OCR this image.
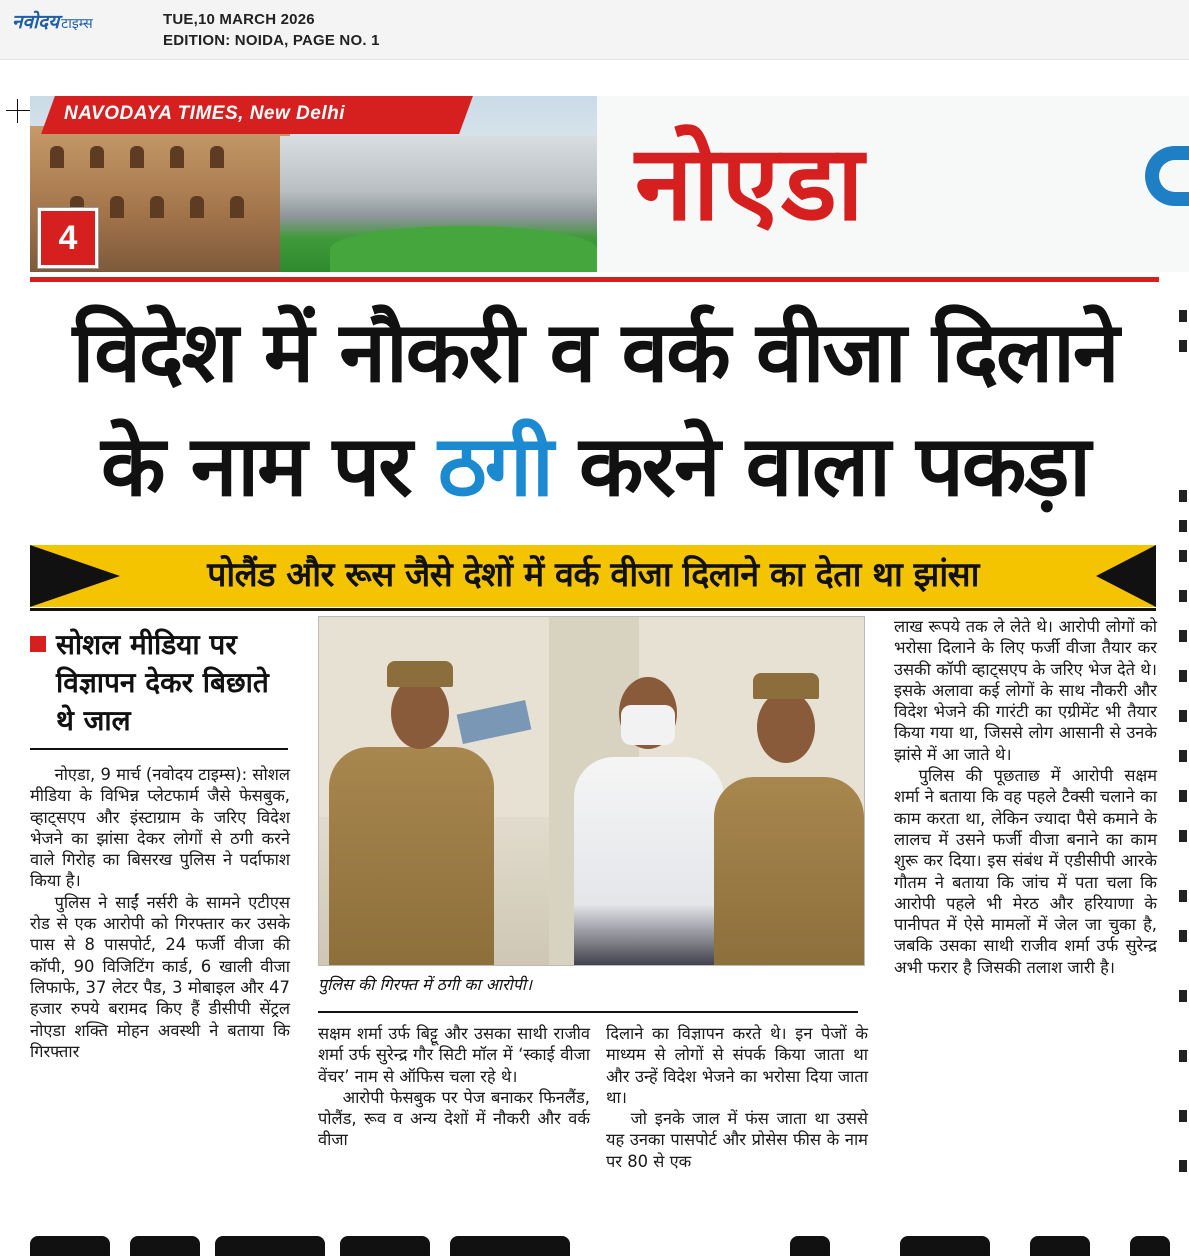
नवोदय टाइम्स	TUE,10 MARCH 2026
EDITION: NOIDA, PAGE NO. 1
NAVODAYA TIMES, New Delhi
4	नोएडा
विदेश में नौकरी व वर्क वीजा दिलाने
के नाम पर ठगी करने वाला पकड़ा
पोलैंड और रूस जैसे देशों में वर्क वीजा दिलाने का देता था झांसा
सोशल मीडिया पर विज्ञापन देकर बिछाते थे जाल

नोएडा, 9 मार्च (नवोदय टाइम्स): सोशल मीडिया के विभिन्न प्लेटफार्म जैसे फेसबुक, व्हाट्सएप और इंस्टाग्राम के जरिए विदेश भेजने का झांसा देकर लोगों से ठगी करने वाले गिरोह का बिसरख पुलिस ने पर्दाफाश किया है।

पुलिस ने साईं नर्सरी के सामने एटीएस रोड से एक आरोपी को गिरफ्तार कर उसके पास से 8 पासपोर्ट, 24 फर्जी वीजा की कॉपी, 90 विजिटिंग कार्ड, 6 खाली वीजा लिफाफे, 37 लेटर पैड, 3 मोबाइल और 47 हजार रुपये बरामद किए हैं डीसीपी सेंट्रल नोएडा शक्ति मोहन अवस्थी ने बताया कि गिरफ्तार

पुलिस की गिरफ्त में ठगी का आरोपी।

सक्षम शर्मा उर्फ बिट्टू और उसका साथी राजीव शर्मा उर्फ सुरेन्द्र गौर सिटी मॉल में ‘स्काई वीजा वेंचर’ नाम से ऑफिस चला रहे थे।

आरोपी फेसबुक पर पेज बनाकर फिनलैंड, पोलैंड, रूव व अन्य देशों में नौकरी और वर्क वीजा

दिलाने का विज्ञापन करते थे। इन पेजों के माध्यम से लोगों से संपर्क किया जाता था और उन्हें विदेश भेजने का भरोसा दिया जाता था।

जो इनके जाल में फंस जाता था उससे यह उनका पासपोर्ट और प्रोसेस फीस के नाम पर 80 से एक

लाख रूपये तक ले लेते थे। आरोपी लोगों को भरोसा दिलाने के लिए फर्जी वीजा तैयार कर उसकी कॉपी व्हाट्सएप के जरिए भेज देते थे। इसके अलावा कई लोगों के साथ नौकरी और विदेश भेजने की गारंटी का एग्रीमेंट भी तैयार किया गया था, जिससे लोग आसानी से उनके झांसे में आ जाते थे।

पुलिस की पूछताछ में आरोपी सक्षम शर्मा ने बताया कि वह पहले टैक्सी चलाने का काम करता था, लेकिन ज्यादा पैसे कमाने के लालच में उसने फर्जी वीजा बनाने का काम शुरू कर दिया। इस संबंध में एडीसीपी आरके गौतम ने बताया कि जांच में पता चला कि आरोपी पहले भी मेरठ और हरियाणा के पानीपत में ऐसे मामलों में जेल जा चुका है, जबकि उसका साथी राजीव शर्मा उर्फ सुरेन्द्र अभी फरार है जिसकी तलाश जारी है।
